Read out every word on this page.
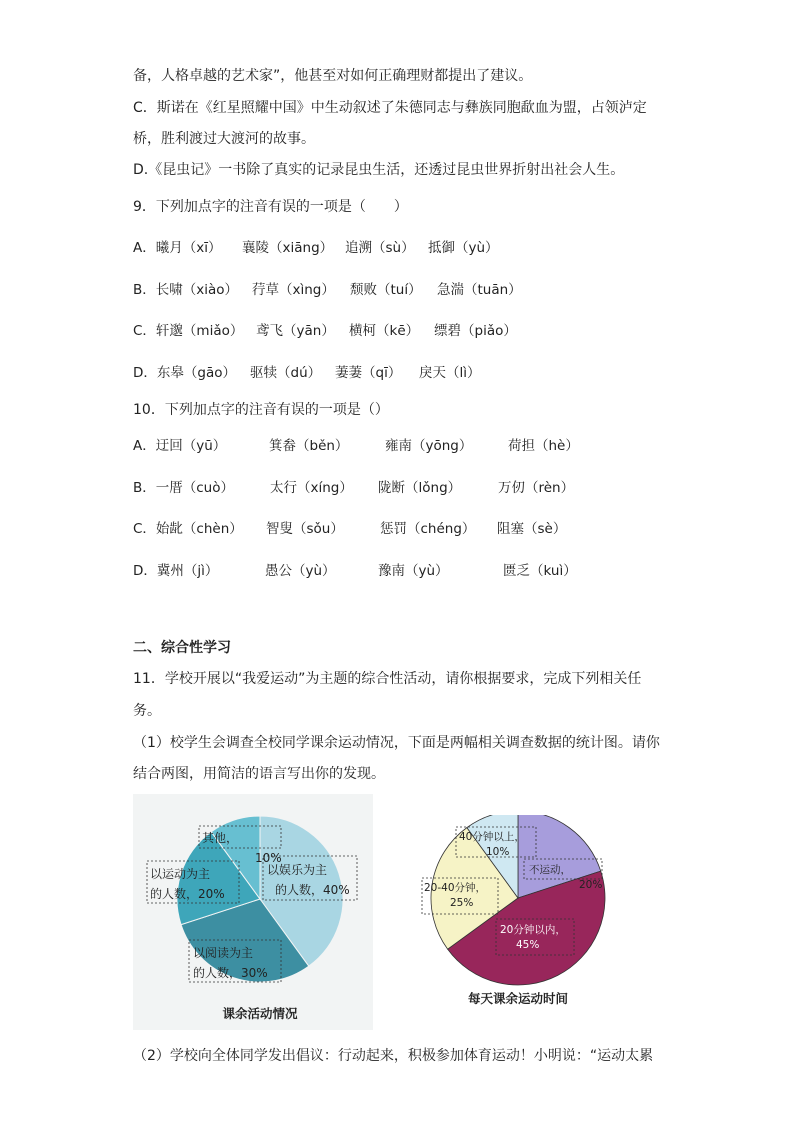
备，人格卓越的艺术家”，他甚至对如何正确理财都提出了建议。
C．斯诺在《红星照耀中国》中生动叙述了朱德同志与彝族同胞歃血为盟，占领泸定
桥，胜利渡过大渡河的故事。
D.《昆虫记》一书除了真实的记录昆虫生活，还透过昆虫世界折射出社会人生。
9．下列加点字的注音有误的一项是（　　）
A．曦月（xī） 襄陵（xiāng） 追溯（sù） 抵御（yù）
B．长啸（xiào） 荇草（xìng） 颓败（tuí） 急湍（tuān）
C．轩邈（miǎo） 鸢飞（yān） 横柯（kē） 缥碧（piǎo）
D．东皋（gāo） 驱犊（dú） 萋萋（qī） 戾天（lì）
10．下列加点字的注音有误的一项是（）
A．迂回（yū）	箕畚（běn）	雍南（yōng）	荷担（hè）
B．一厝（cuò）	太行（xíng） 陇断（lǒng）	万仞（rèn）
C．始龀（chèn） 智叟（sǒu）	惩罚（chéng） 阻塞（sè）
D．冀州（jì）	愚公（yù）	豫南（yù）	匮乏（kuì）
二、综合性学习
11．学校开展以“我爱运动”为主题的综合性活动，请你根据要求，完成下列相关任
务。
（1）校学生会调查全校同学课余运动情况，下面是两幅相关调查数据的统计图。请你
结合两图，用简洁的语言写出你的发现。
以娱乐为主
的人数，40%
以阅读为主
的人数，30%
以运动为主
的人数，20%
其他，
10%
课余活动情况
不运动，
20%
20分钟以内，
45%
20-40分钟，
25%
40分钟以上，
10%
每天课余运动时间
（2）学校向全体同学发出倡议：行动起来，积极参加体育运动！小明说：“运动太累
